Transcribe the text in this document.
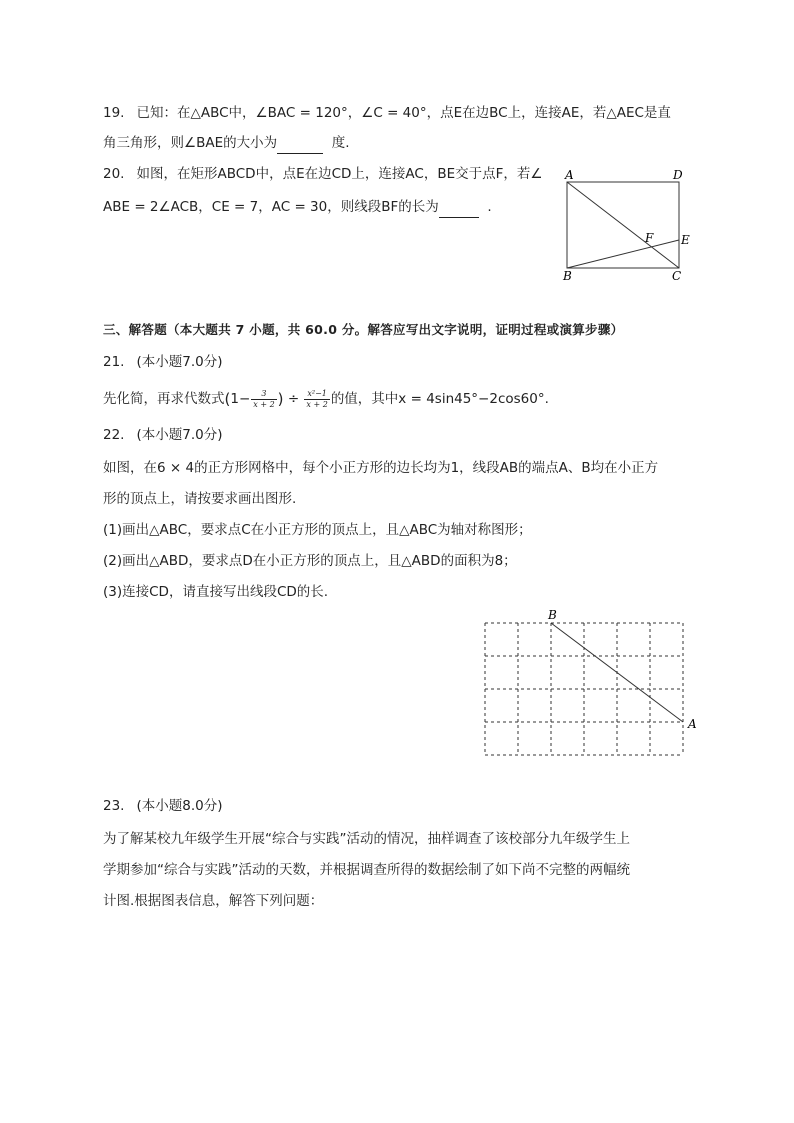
19. 已知：在△ABC中，∠BAC = 120°，∠C = 40°，点E在边BC上，连接AE，若△AEC是直
角三角形，则∠BAE的大小为	度.
20. 如图，在矩形ABCD中，点E在边CD上，连接AC，BE交于点F，若∠
ABE = 2∠ACB，CE = 7，AC = 30，则线段BF的长为	.
A	D
F E
B	C
三、解答题（本大题共 7 小题，共 60.0 分。解答应写出文字说明，证明过程或演算步骤）
21. (本小题7.0分)
先化简，再求代数式($1- \frac{3}{x + 2}$ ) ÷ $\frac{\text{x²−1}}{x + 2}$ 的值，其中x = 4sin45°−2cos60°.
22. (本小题7.0分)
如图，在6 × 4的正方形网格中，每个小正方形的边长均为1，线段AB的端点A、B均在小正方
形的顶点上，请按要求画出图形.
(1)画出△ABC，要求点C在小正方形的顶点上，且△ABC为轴对称图形；
(2)画出△ABD，要求点D在小正方形的顶点上，且△ABD的面积为8；
(3)连接CD，请直接写出线段CD的长.
B
A
23. (本小题8.0分)
为了解某校九年级学生开展“综合与实践”活动的情况，抽样调查了该校部分九年级学生上
学期参加“综合与实践”活动的天数，并根据调查所得的数据绘制了如下尚不完整的两幅统
计图.根据图表信息，解答下列问题：
